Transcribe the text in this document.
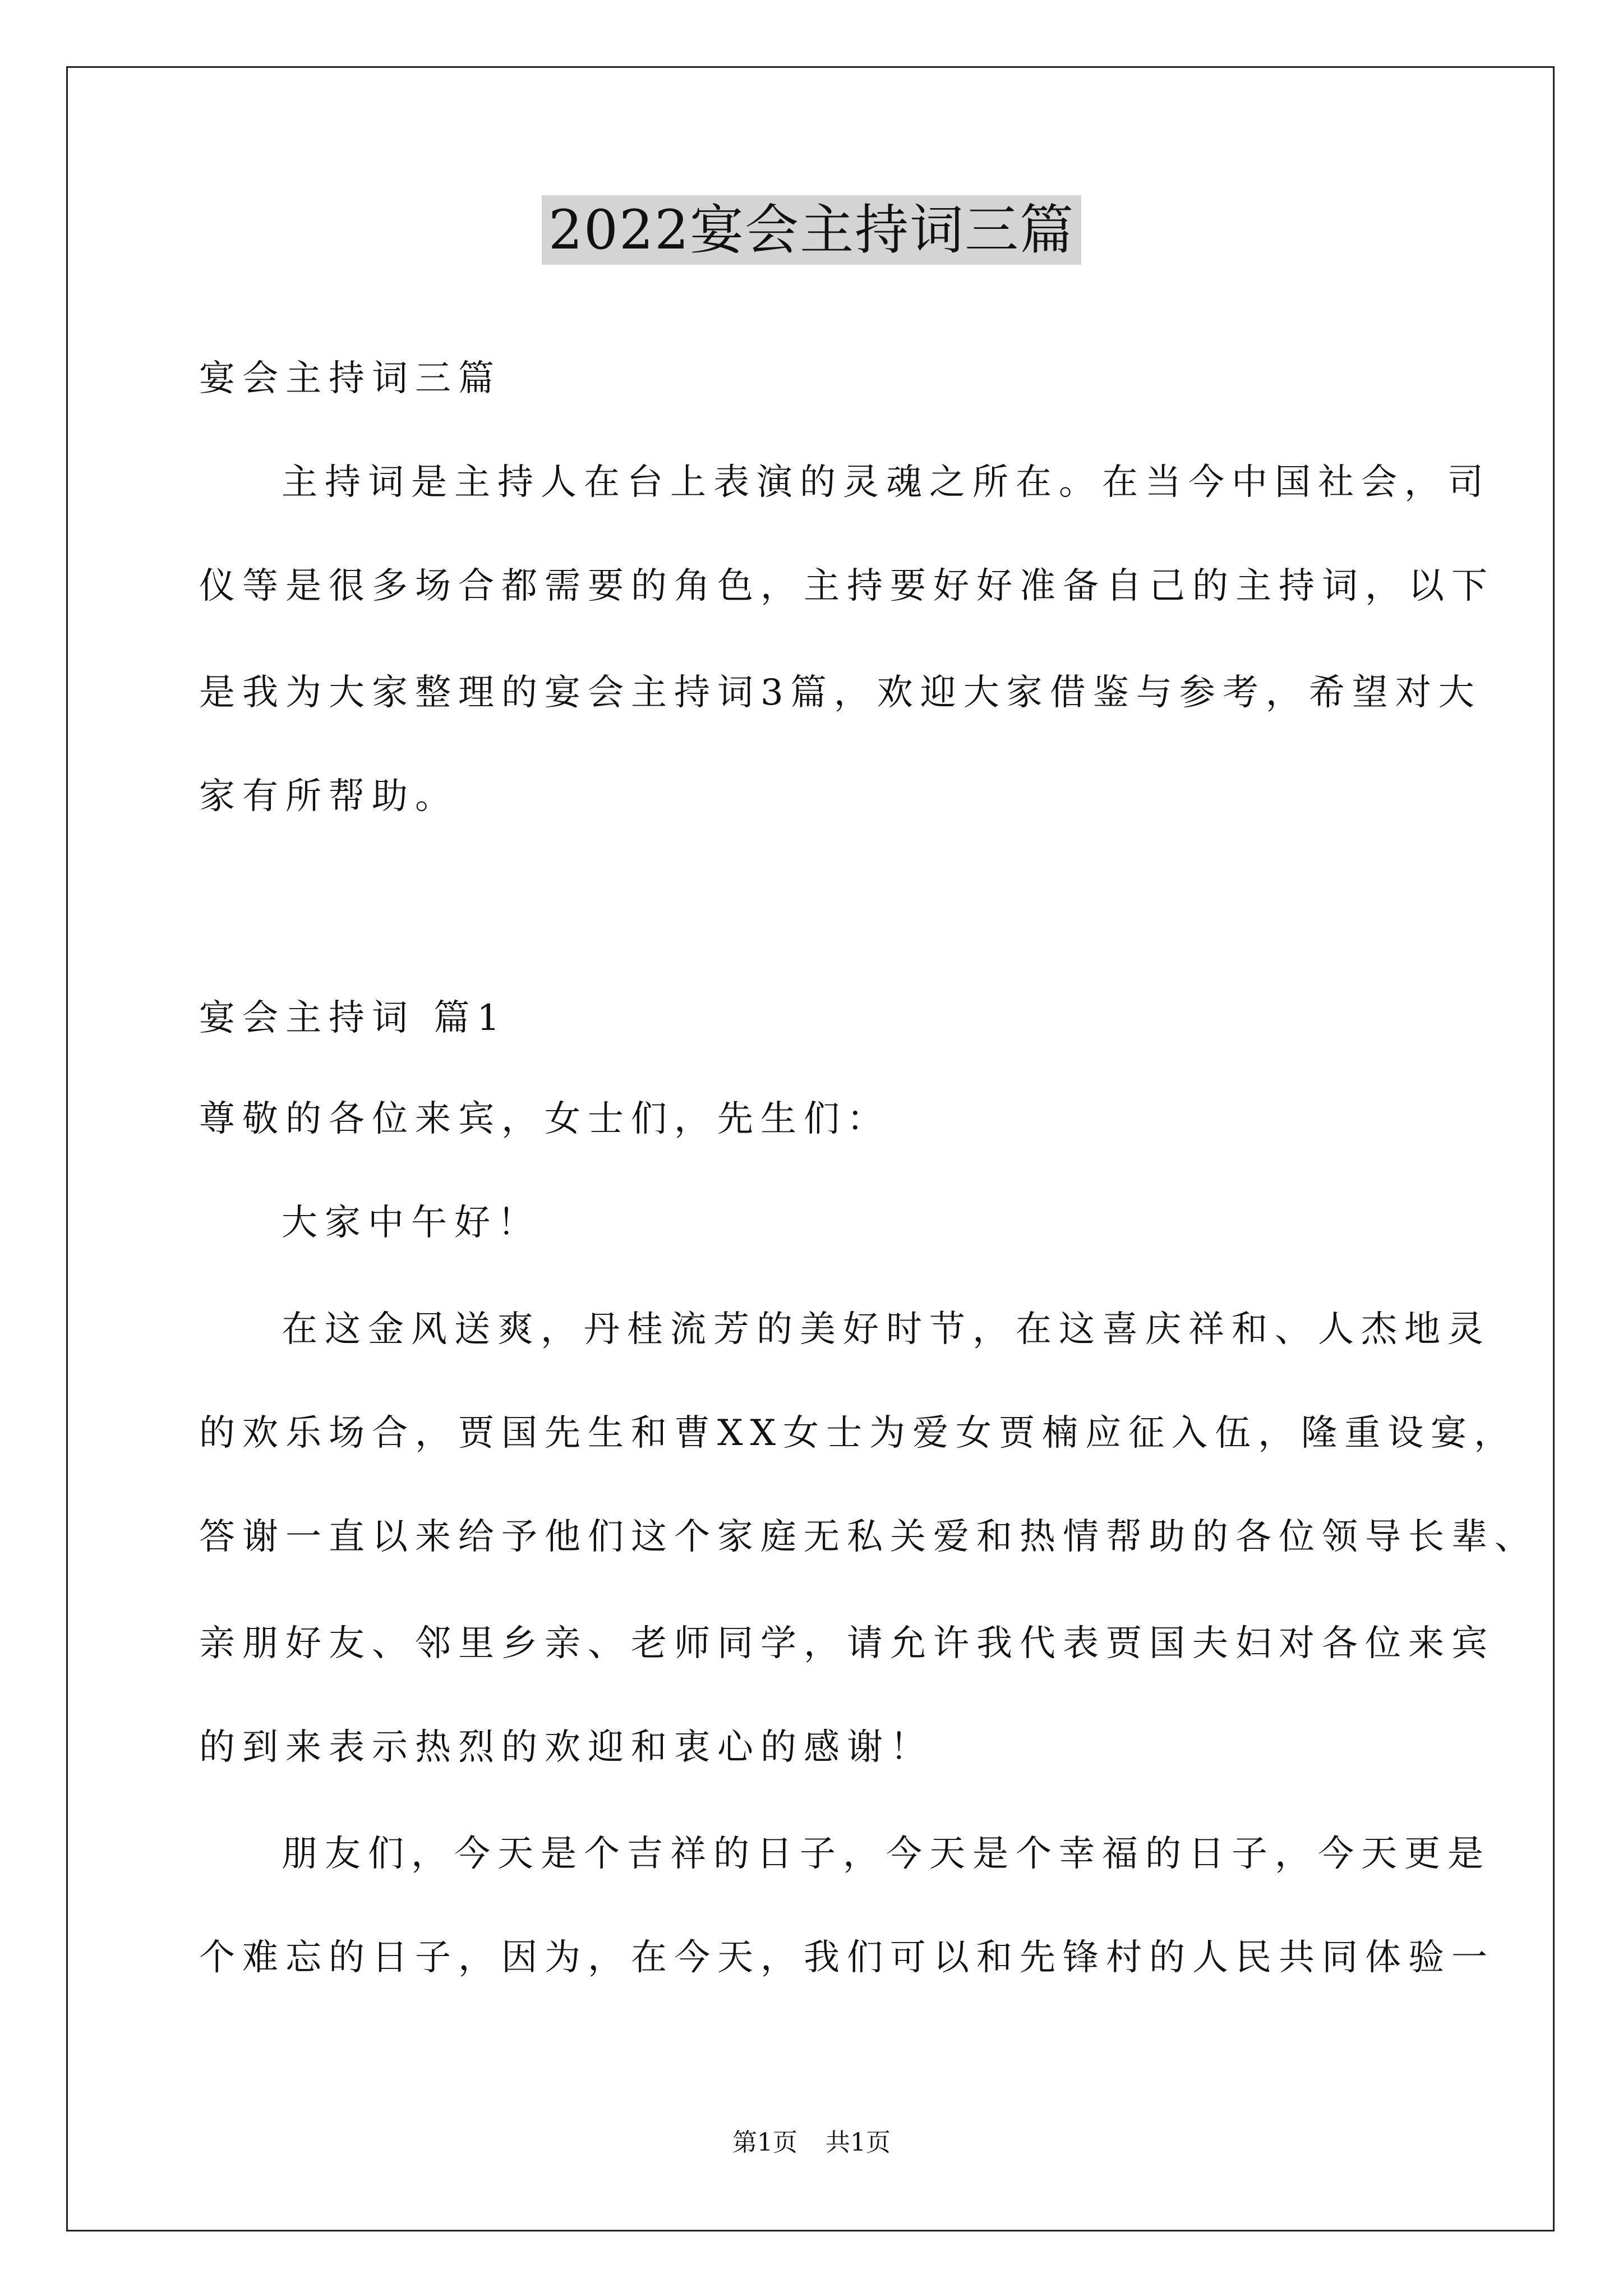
2022宴会主持词三篇
宴会主持词三篇
主持词是主持人在台上表演的灵魂之所在。在当今中国社会，司
仪等是很多场合都需要的角色，主持要好好准备自己的主持词，以下
是我为大家整理的宴会主持词3篇，欢迎大家借鉴与参考，希望对大
家有所帮助。
宴会主持词 篇1
尊敬的各位来宾，女士们，先生们：
大家中午好！
在这金风送爽，丹桂流芳的美好时节，在这喜庆祥和、人杰地灵
的欢乐场合，贾国先生和曹XX女士为爱女贾楠应征入伍，隆重设宴，
答谢一直以来给予他们这个家庭无私关爱和热情帮助的各位领导长辈、
亲朋好友、邻里乡亲、老师同学，请允许我代表贾国夫妇对各位来宾
的到来表示热烈的欢迎和衷心的感谢！
朋友们，今天是个吉祥的日子，今天是个幸福的日子，今天更是
个难忘的日子，因为，在今天，我们可以和先锋村的人民共同体验一
第1页 共1页
